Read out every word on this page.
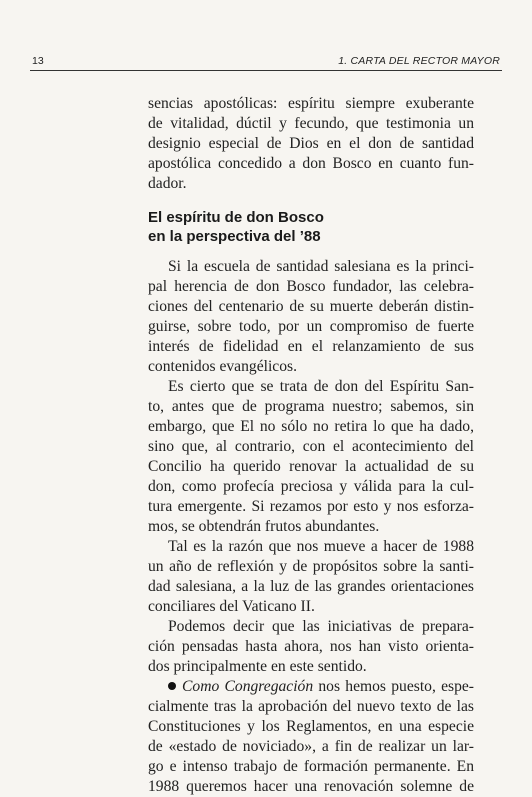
13	1. CARTA DEL RECTOR MAYOR
sencias apostólicas: espíritu siempre exuberante
de vitalidad, dúctil y fecundo, que testimonia un
designio especial de Dios en el don de santidad
apostólica concedido a don Bosco en cuanto fun-
dador.
El espíritu de don Bosco
en la perspectiva del ’88
Si la escuela de santidad salesiana es la princi-
pal herencia de don Bosco fundador, las celebra-
ciones del centenario de su muerte deberán distin-
guirse, sobre todo, por un compromiso de fuerte
interés de fidelidad en el relanzamiento de sus
contenidos evangélicos.
Es cierto que se trata de don del Espíritu San-
to, antes que de programa nuestro; sabemos, sin
embargo, que El no sólo no retira lo que ha dado,
sino que, al contrario, con el acontecimiento del
Concilio ha querido renovar la actualidad de su
don, como profecía preciosa y válida para la cul-
tura emergente. Si rezamos por esto y nos esforza-
mos, se obtendrán frutos abundantes.
Tal es la razón que nos mueve a hacer de 1988
un año de reflexión y de propósitos sobre la santi-
dad salesiana, a la luz de las grandes orientaciones
conciliares del Vaticano II.
Podemos decir que las iniciativas de prepara-
ción pensadas hasta ahora, nos han visto orienta-
dos principalmente en este sentido.
Como Congregación nos hemos puesto, espe-
cialmente tras la aprobación del nuevo texto de las
Constituciones y los Reglamentos, en una especie
de «estado de noviciado», a fin de realizar un lar-
go e intenso trabajo de formación permanente. En
1988 queremos hacer una renovación solemne de
